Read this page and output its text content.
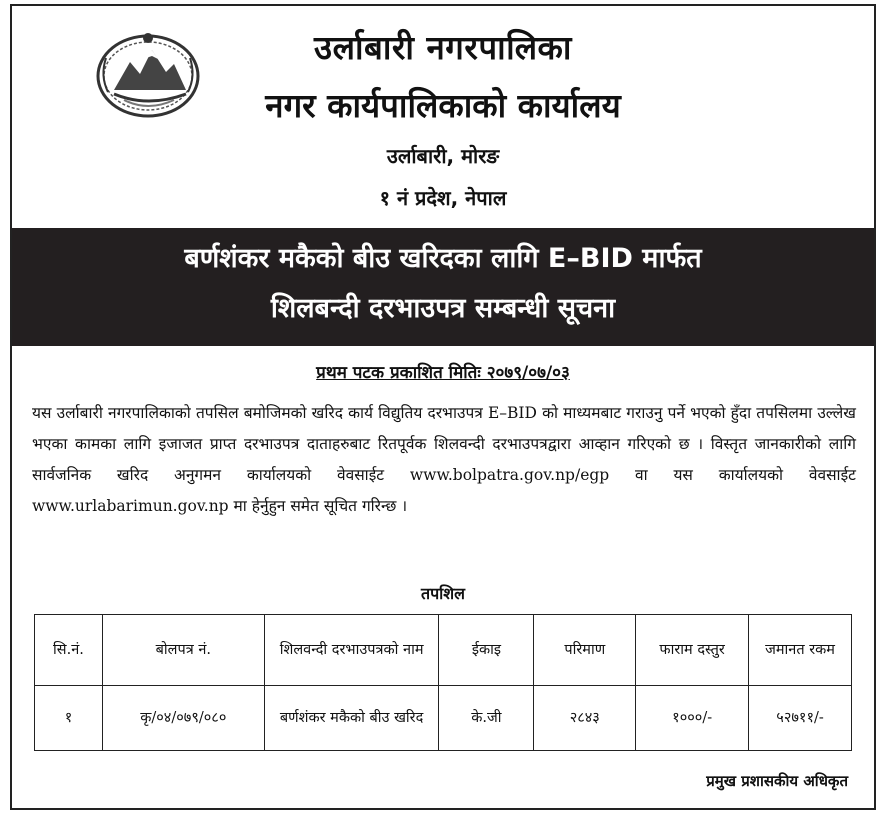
उर्लाबारी नगरपालिका
नगर कार्यपालिकाको कार्यालय
उर्लाबारी, मोरङ
१ नं प्रदेश, नेपाल
बर्णशंकर मकैको बीउ खरिदका लागि E–BID मार्फत
शिलबन्दी दरभाउपत्र सम्बन्धी सूचना
प्रथम पटक प्रकाशित मितिः २०७९/०७/०३
यस उर्लाबारी नगरपालिकाको तपसिल बमोजिमको खरिद कार्य विद्युतिय दरभाउपत्र E–BID को माध्यमबाट गराउनु पर्ने भएको हुँदा तपसिलमा उल्लेख भएका कामका लागि इजाजत प्राप्त दरभाउपत्र दाताहरुबाट रितपूर्वक शिलवन्दी दरभाउपत्रद्वारा आव्हान गरिएको छ । विस्तृत जानकारीको लागि सार्वजनिक खरिद अनुगमन कार्यालयको वेवसाईट www.bolpatra.gov.np/egp वा यस कार्यालयको वेवसाईट www.urlabarimun.gov.np मा हेर्नुहुन समेत सूचित गरिन्छ ।
तपशिल
सि.नं.	बोलपत्र नं.	शिलवन्दी दरभाउपत्रको नाम	ईकाइ	परिमाण	फाराम दस्तुर	जमानत रकम
१	कृ/०४/०७९/०८०	बर्णशंकर मकैको बीउ खरिद	के.जी	२८४३	१०००/-	५२७११/-
प्रमुख प्रशासकीय अधिकृत
